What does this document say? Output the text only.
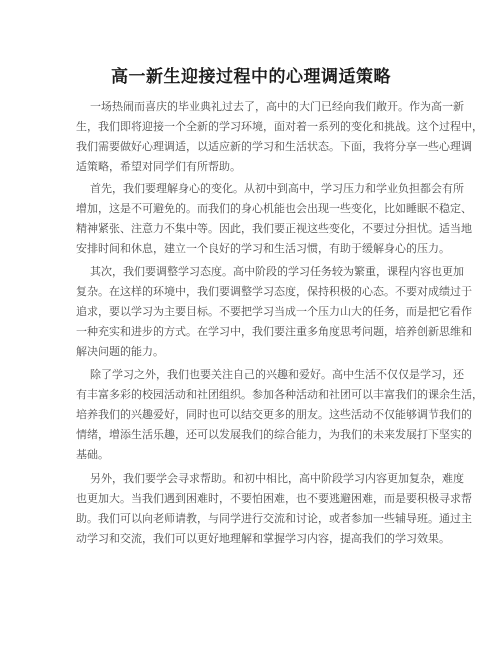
高一新生迎接过程中的心理调适策略
一场热闹而喜庆的毕业典礼过去了，高中的大门已经向我们敞开。作为高一新
生，我们即将迎接一个全新的学习环境，面对着一系列的变化和挑战。这个过程中，
我们需要做好心理调适，以适应新的学习和生活状态。下面，我将分享一些心理调
适策略，希望对同学们有所帮助。
首先，我们要理解身心的变化。从初中到高中，学习压力和学业负担都会有所
增加，这是不可避免的。而我们的身心机能也会出现一些变化，比如睡眠不稳定、
精神紧张、注意力不集中等。因此，我们要正视这些变化，不要过分担忧。适当地
安排时间和休息，建立一个良好的学习和生活习惯，有助于缓解身心的压力。
其次，我们要调整学习态度。高中阶段的学习任务较为繁重，课程内容也更加
复杂。在这样的环境中，我们要调整学习态度，保持积极的心态。不要对成绩过于
追求，要以学习为主要目标。不要把学习当成一个压力山大的任务，而是把它看作
一种充实和进步的方式。在学习中，我们要注重多角度思考问题，培养创新思维和
解决问题的能力。
除了学习之外，我们也要关注自己的兴趣和爱好。高中生活不仅仅是学习，还
有丰富多彩的校园活动和社团组织。参加各种活动和社团可以丰富我们的课余生活，
培养我们的兴趣爱好，同时也可以结交更多的朋友。这些活动不仅能够调节我们的
情绪，增添生活乐趣，还可以发展我们的综合能力，为我们的未来发展打下坚实的
基础。
另外，我们要学会寻求帮助。和初中相比，高中阶段学习内容更加复杂，难度
也更加大。当我们遇到困难时，不要怕困难，也不要逃避困难，而是要积极寻求帮
助。我们可以向老师请教，与同学进行交流和讨论，或者参加一些辅导班。通过主
动学习和交流，我们可以更好地理解和掌握学习内容，提高我们的学习效果。
